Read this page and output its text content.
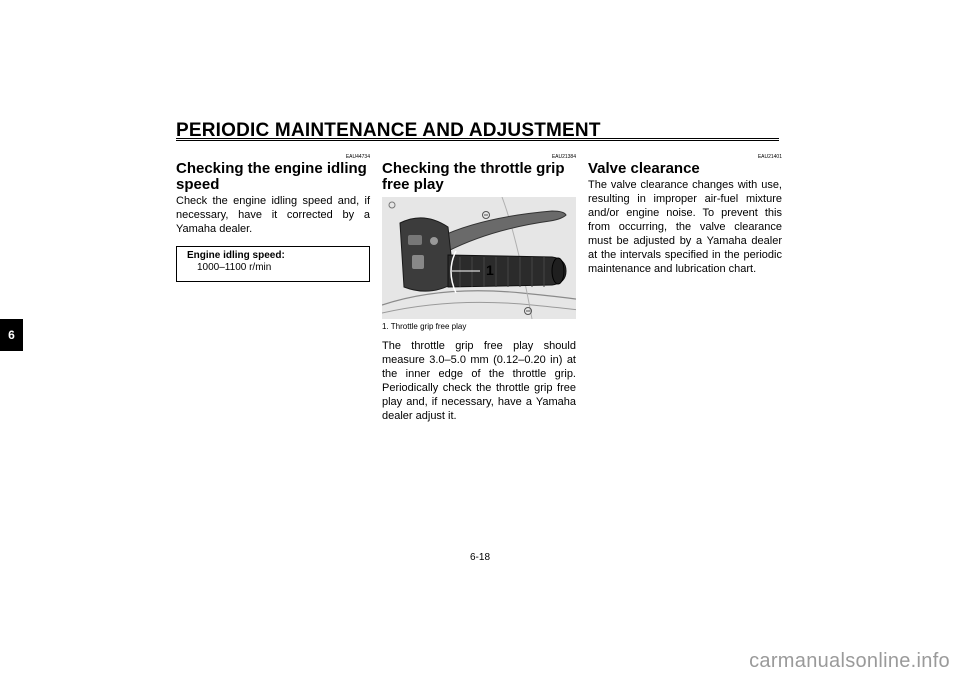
PERIODIC MAINTENANCE AND ADJUSTMENT
6
EAU44734
Checking the engine idling speed

Check the engine idling speed and, if necessary, have it corrected by a Yamaha dealer.

Engine idling speed:
1000–1100 r/min
EAU21384
Checking the throttle grip free play
1
1. Throttle grip free play

The throttle grip free play should measure 3.0–5.0 mm (0.12–0.20 in) at the inner edge of the throttle grip. Periodically check the throttle grip free play and, if necessary, have a Yamaha dealer adjust it.

EAU21401
Valve clearance

The valve clearance changes with use, resulting in improper air-fuel mixture and/or engine noise. To prevent this from occurring, the valve clearance must be adjusted by a Yamaha dealer at the intervals specified in the periodic maintenance and lubrication chart.

6-18
carmanualsonline.info
